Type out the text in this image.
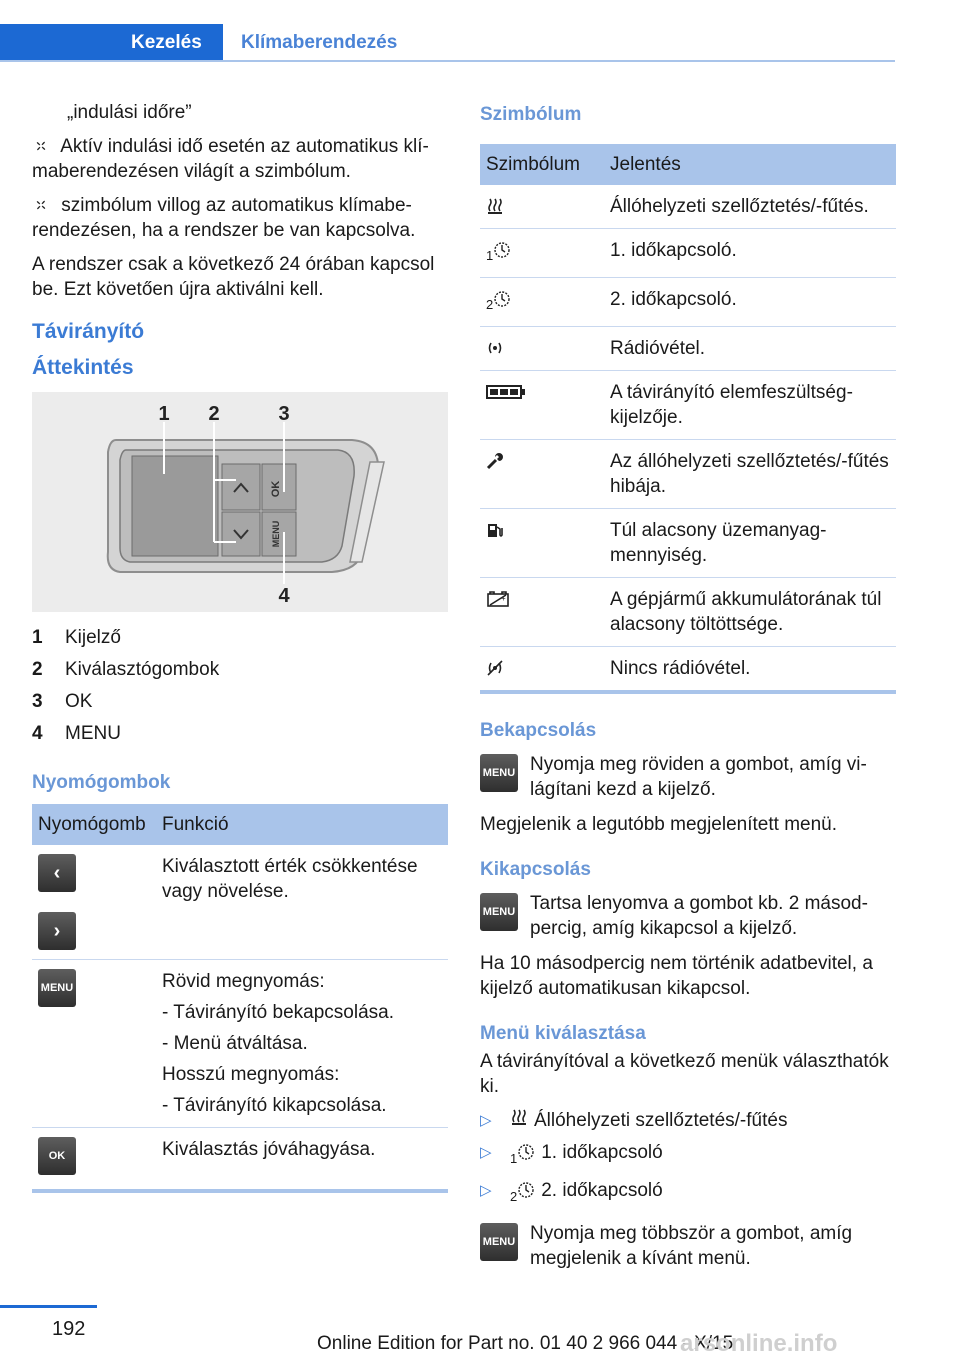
Kezelés	Klímaberendezés

„indulási időre”

Aktív indulási idő esetén az automatikus klímaberendezésen világít a szimbólum.

szimbólum villog az automatikus klímaberendezésen, ha a rendszer be van kapcsolva.

A rendszer csak a következő 24 órában kapcsol be. Ezt követően újra aktiválni kell.

Távirányító
Áttekintés
OK
MENU
1 2	3
4
1	Kijelző
2	Kiválasztógombok
3	OK
4	MENU
Nyomógombok
Nyomógomb	Funkció

‹
›	Kiválasztott érték csökkentése vagy növelése.
MENU	Rövid megnyomás:

- Távirányító bekapcsolása.

- Menü átváltása.

Hosszú megnyomás:

- Távirányító kikapcsolása.

OK	Kiválasztás jóváhagyása.
Szimbólum
Szimbólum	Jelentés
	Állóhelyzeti szellőztetés/-fűtés.
$_1$	1. időkapcsoló.
$_2$	2. időkapcsoló.
	Rádióvétel.
	A távirányító elemfeszültségkijelzője.
	Az állóhelyzeti szellőztetés/-fűtés hibája.
	Túl alacsony üzemanyagmennyiség.

+	A gépjármű akkumulátorának túl alacsony töltöttsége.
	Nincs rádióvétel.
Bekapcsolás
MENU Nyomja meg röviden a gombot, amíg világítani kezd a kijelző.

Megjelenik a legutóbb megjelenített menü.

Kikapcsolás
MENU Tartsa lenyomva a gombot kb. 2 másodpercig, amíg kikapcsol a kijelző.

Ha 10 másodpercig nem történik adatbevitel, a kijelző automatikusan kikapcsol.

Menü kiválasztása

A távirányítóval a következő menük választhatók ki.

▷	Állóhelyzeti szellőztetés/-fűtés
▷	1 1. időkapcsoló
▷	2 2. időkapcsoló
MENU Nyomja meg többször a gombot, amíg megjelenik a kívánt menü.
192
Online Edition for Part no. 01 40 2 966 044 - X/15
arsonline.info
